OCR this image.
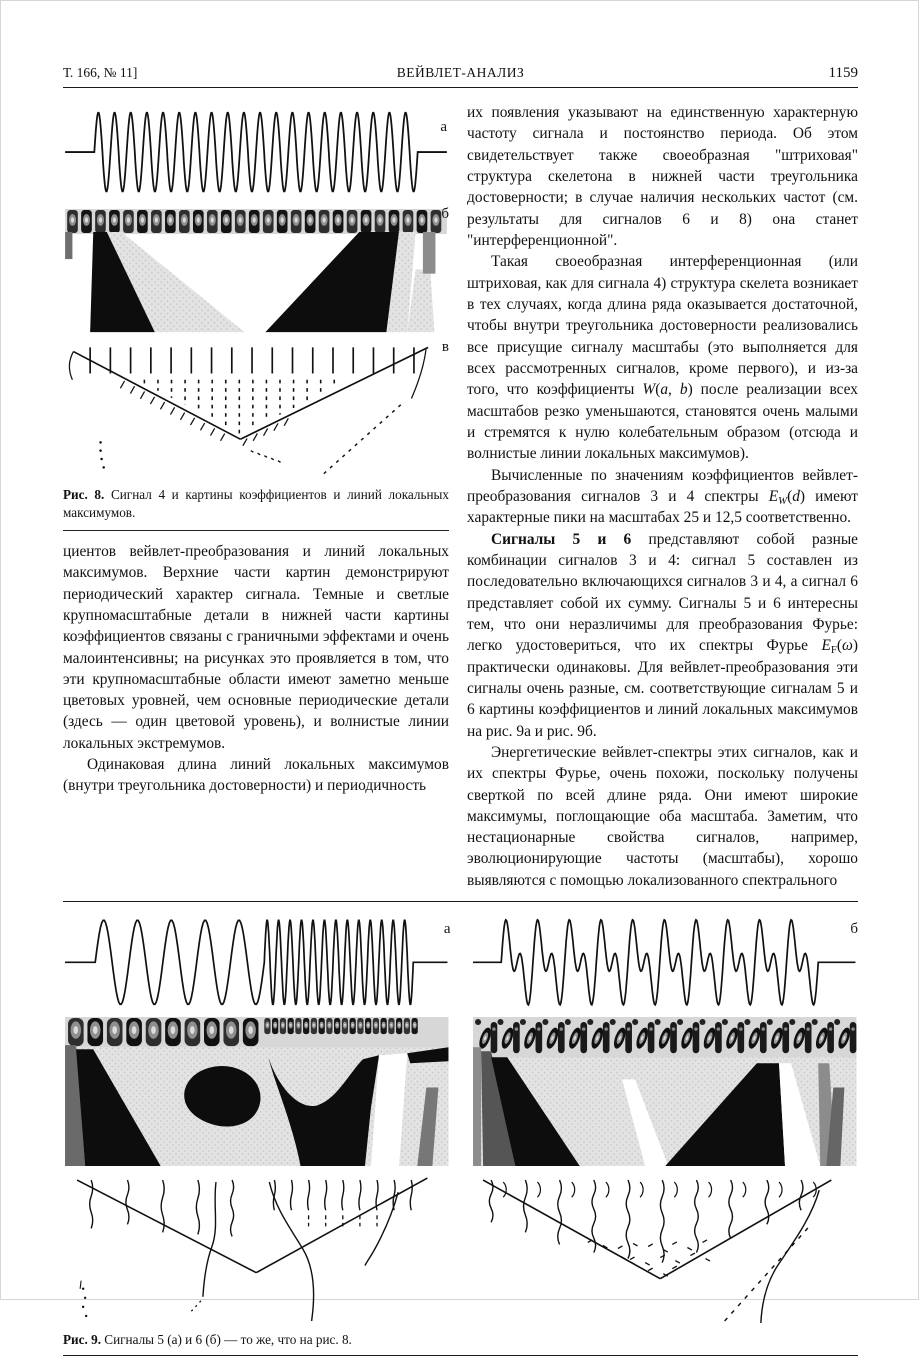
Т. 166, № 11]	ВЕЙВЛЕТ-АНАЛИЗ	1159
а
б
в
Рис. 8. Сигнал 4 и картины коэффициентов и линий локальных максимумов.

циентов вейвлет-преобразования и линий локальных максимумов. Верхние части картин демонстрируют периодический характер сигнала. Темные и светлые крупномасштабные детали в нижней части картины коэффициентов связаны с граничными эффектами и очень малоинтенсивны; на рисунках это проявляется в том, что эти крупномасштабные области имеют заметно меньше цветовых уровней, чем основные периодические детали (здесь — один цветовой уровень), и волнистые линии локальных экстремумов.

Одинаковая длина линий локальных максимумов (внутри треугольника достоверности) и периодичность

их появления указывают на единственную характерную частоту сигнала и постоянство периода. Об этом свидетельствует также своеобразная "штриховая" структура скелетона в нижней части треугольника достоверности; в случае наличия нескольких частот (см. результаты для сигналов 6 и 8) она станет "интерференционной".

Такая своеобразная интерференционная (или штриховая, как для сигнала 4) структура скелета возникает в тех случаях, когда длина ряда оказывается достаточной, чтобы внутри треугольника достоверности реализовались все присущие сигналу масштабы (это выполняется для всех рассмотренных сигналов, кроме первого), и из-за того, что коэффициенты W(a, b) после реализации всех масштабов резко уменьшаются, становятся очень малыми и стремятся к нулю колебательным образом (отсюда и волнистые линии локальных максимумов).

Вычисленные по значениям коэффициентов вейвлет-преобразования сигналов 3 и 4 спектры EW(d) имеют характерные пики на масштабах 25 и 12,5 соответственно.

Сигналы 5 и 6 представляют собой разные комбинации сигналов 3 и 4: сигнал 5 составлен из последовательно включающихся сигналов 3 и 4, а сигнал 6 представляет собой их сумму. Сигналы 5 и 6 интересны тем, что они неразличимы для преобразования Фурье: легко удостовериться, что их спектры Фурье EF(ω) практически одинаковы. Для вейвлет-преобразования эти сигналы очень разные, см. соответствующие сигналам 5 и 6 картины коэффициентов и линий локальных максимумов на рис. 9а и рис. 9б.

Энергетические вейвлет-спектры этих сигналов, как и их спектры Фурье, очень похожи, поскольку получены сверткой по всей длине ряда. Они имеют широкие максимумы, поглощающие оба масштаба. Заметим, что нестационарные свойства сигналов, например, эволюционирующие частоты (масштабы), хорошо выявляются с помощью локализованного спектрального

а	б
Рис. 9. Сигналы 5 (а) и 6 (б) — то же, что на рис. 8.
